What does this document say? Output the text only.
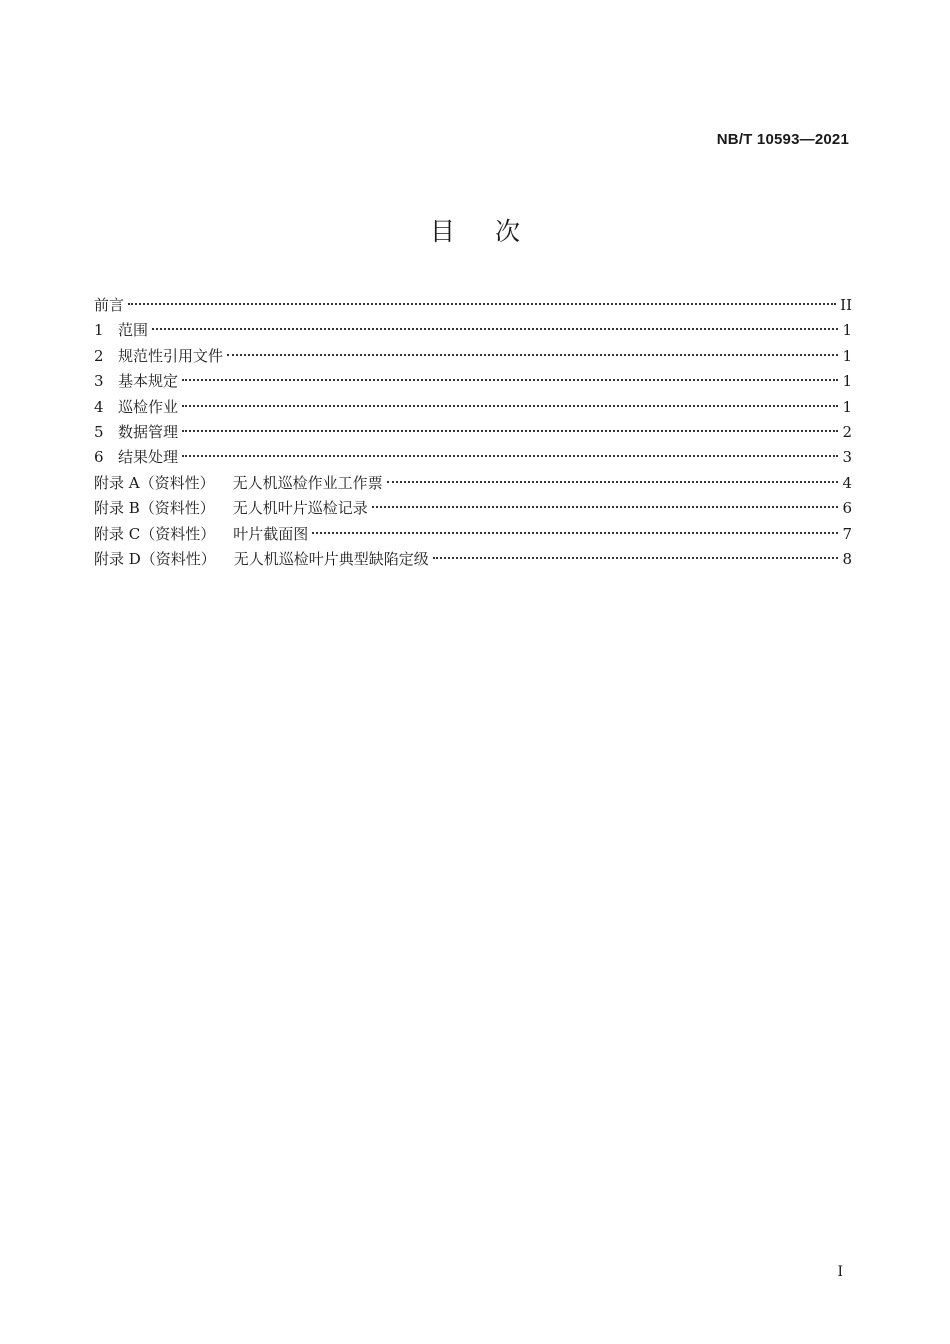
NB/T 10593—2021
目次
前言	II
1 范围	1
2 规范性引用文件	1
3 基本规定	1
4 巡检作业	1
5 数据管理	2
6 结果处理	3
附录 A（资料性） 无人机巡检作业工作票	4
附录 B（资料性） 无人机叶片巡检记录	6
附录 C（资料性） 叶片截面图	7
附录 D（资料性） 无人机巡检叶片典型缺陷定级	8
I
